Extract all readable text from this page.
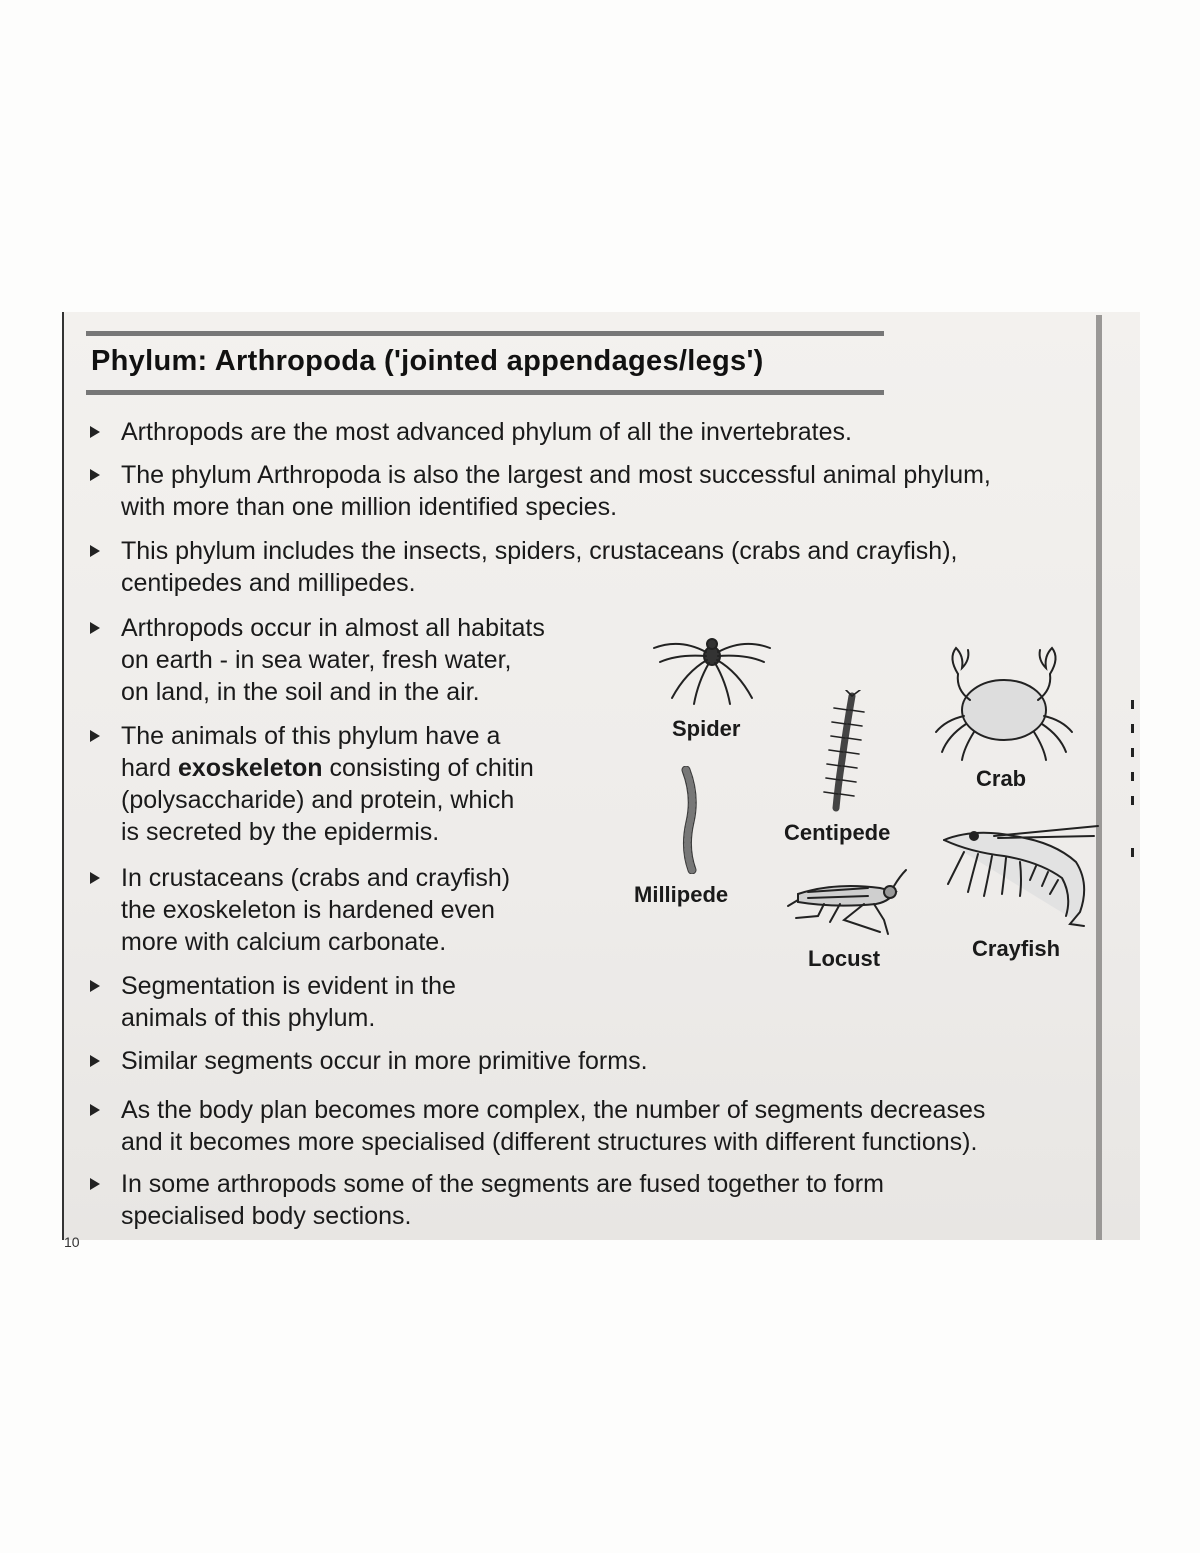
Phylum: Arthropoda ('jointed appendages/legs')
Arthropods are the most advanced phylum of all the invertebrates.
The phylum Arthropoda is also the largest and most successful animal phylum,
with more than one million identified species.
This phylum includes the insects, spiders, crustaceans (crabs and crayfish),
centipedes and millipedes.
Arthropods occur in almost all habitats
on earth - in sea water, fresh water,
on land, in the soil and in the air.
The animals of this phylum have a
hard exoskeleton consisting of chitin
(polysaccharide) and protein, which
is secreted by the epidermis.
In crustaceans (crabs and crayfish)
the exoskeleton is hardened even
more with calcium carbonate.
Segmentation is evident in the
animals of this phylum.
Similar segments occur in more primitive forms.
As the body plan becomes more complex, the number of segments decreases
and it becomes more specialised (different structures with different functions).
In some arthropods some of the segments are fused together to form
specialised body sections.
Spider
Crab
Centipede
Millipede
Crayfish
Locust
10
